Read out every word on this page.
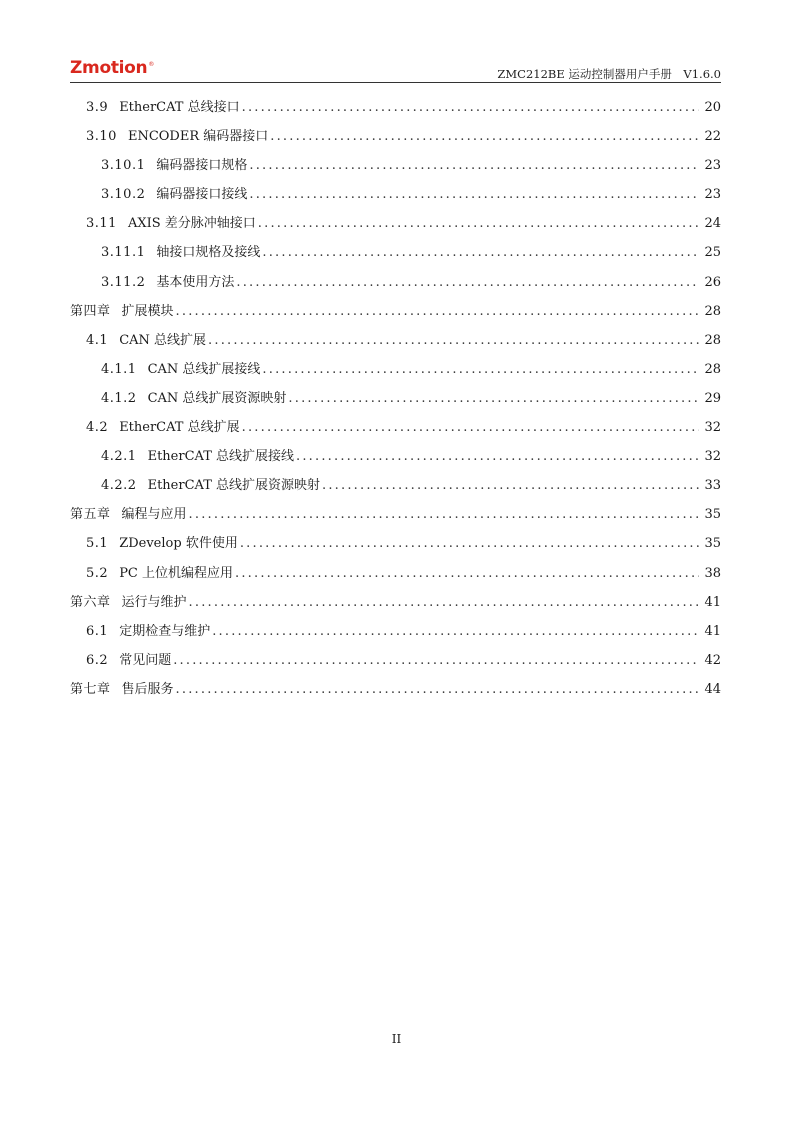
Zmotion®
ZMC212BE 运动控制器用户手册　V1.6.0
3.9 EtherCAT 总线接口 .....	20
3.10 ENCODER 编码器接口 .....	22
3.10.1 编码器接口规格 .....	23
3.10.2 编码器接口接线 .....	23
3.11 AXIS 差分脉冲轴接口 .....	24
3.11.1 轴接口规格及接线 .....	25
3.11.2 基本使用方法 .....	26
第四章 扩展模块 .....	28
4.1 CAN 总线扩展 .....	28
4.1.1 CAN 总线扩展接线 .....	28
4.1.2 CAN 总线扩展资源映射 .....	29
4.2 EtherCAT 总线扩展 .....	32
4.2.1 EtherCAT 总线扩展接线 .....	32
4.2.2 EtherCAT 总线扩展资源映射 .....	33
第五章 编程与应用 .....	35
5.1 ZDevelop 软件使用 .....	35
5.2 PC 上位机编程应用 .....	38
第六章 运行与维护 .....	41
6.1 定期检查与维护 .....	41
6.2 常见问题 .....	42
第七章 售后服务 .....	44
II
